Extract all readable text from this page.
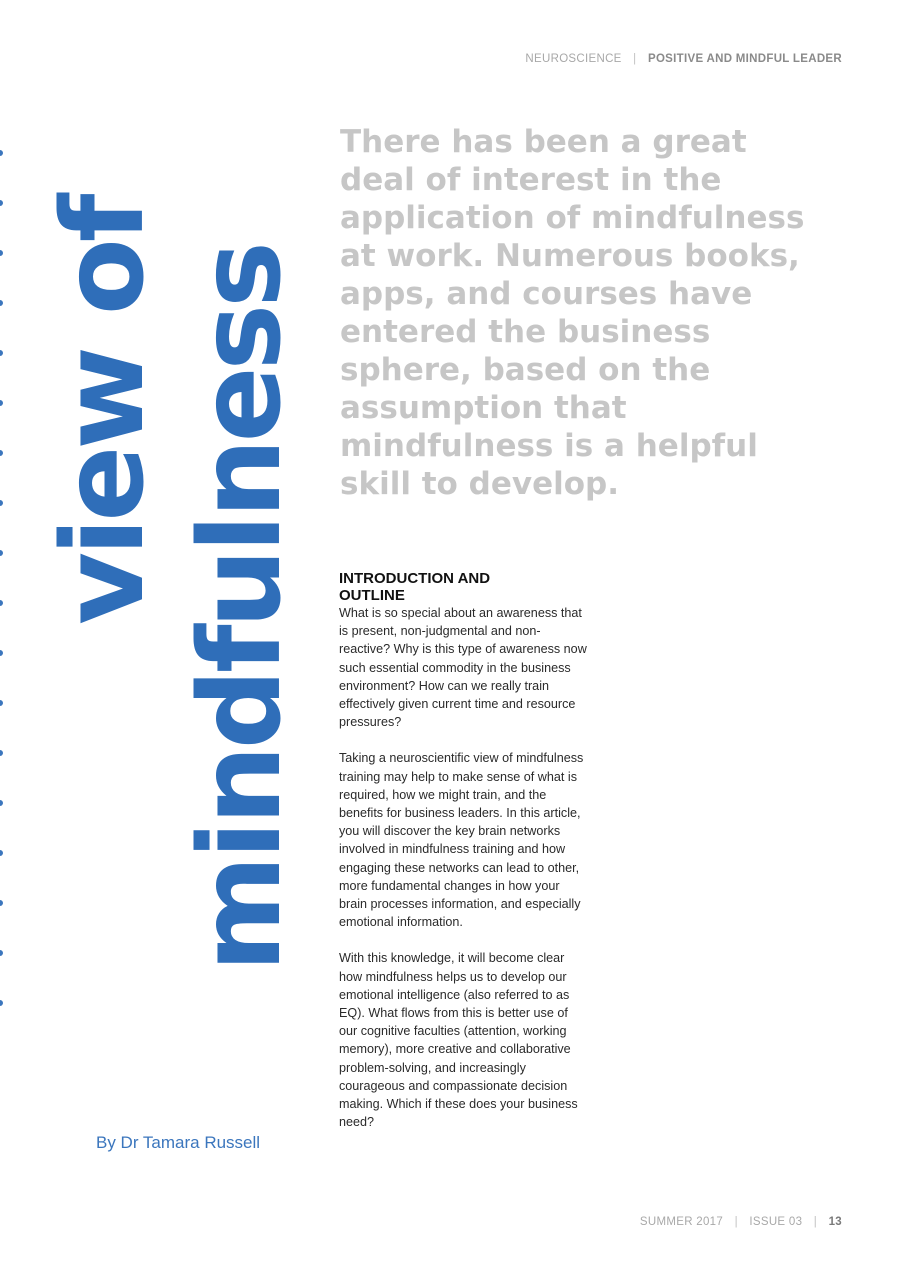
NEUROSCIENCE | POSITIVE AND MINDFUL LEADER
view of mindfulness

There has been a great deal of interest in the application of mindfulness at work. Numerous books, apps, and courses have entered the business sphere, based on the assumption that mindfulness is a helpful skill to develop.

INTRODUCTION AND
OUTLINE

What is so special about an awareness that is present, non-judgmental and non-reactive? Why is this type of awareness now such essential commodity in the business environment? How can we really train effectively given current time and resource pressures?

Taking a neuroscientific view of mindfulness training may help to make sense of what is required, how we might train, and the benefits for business leaders. In this article, you will discover the key brain networks involved in mindfulness training and how engaging these networks can lead to other, more fundamental changes in how your brain processes information, and especially emotional information.

With this knowledge, it will become clear how mindfulness helps us to develop our emotional intelligence (also referred to as EQ). What flows from this is better use of our cognitive faculties (attention, working memory), more creative and collaborative problem-solving, and increasingly courageous and compassionate decision making. Which if these does your business need?

By Dr Tamara Russell
SUMMER 2017 | ISSUE 03 | 13
